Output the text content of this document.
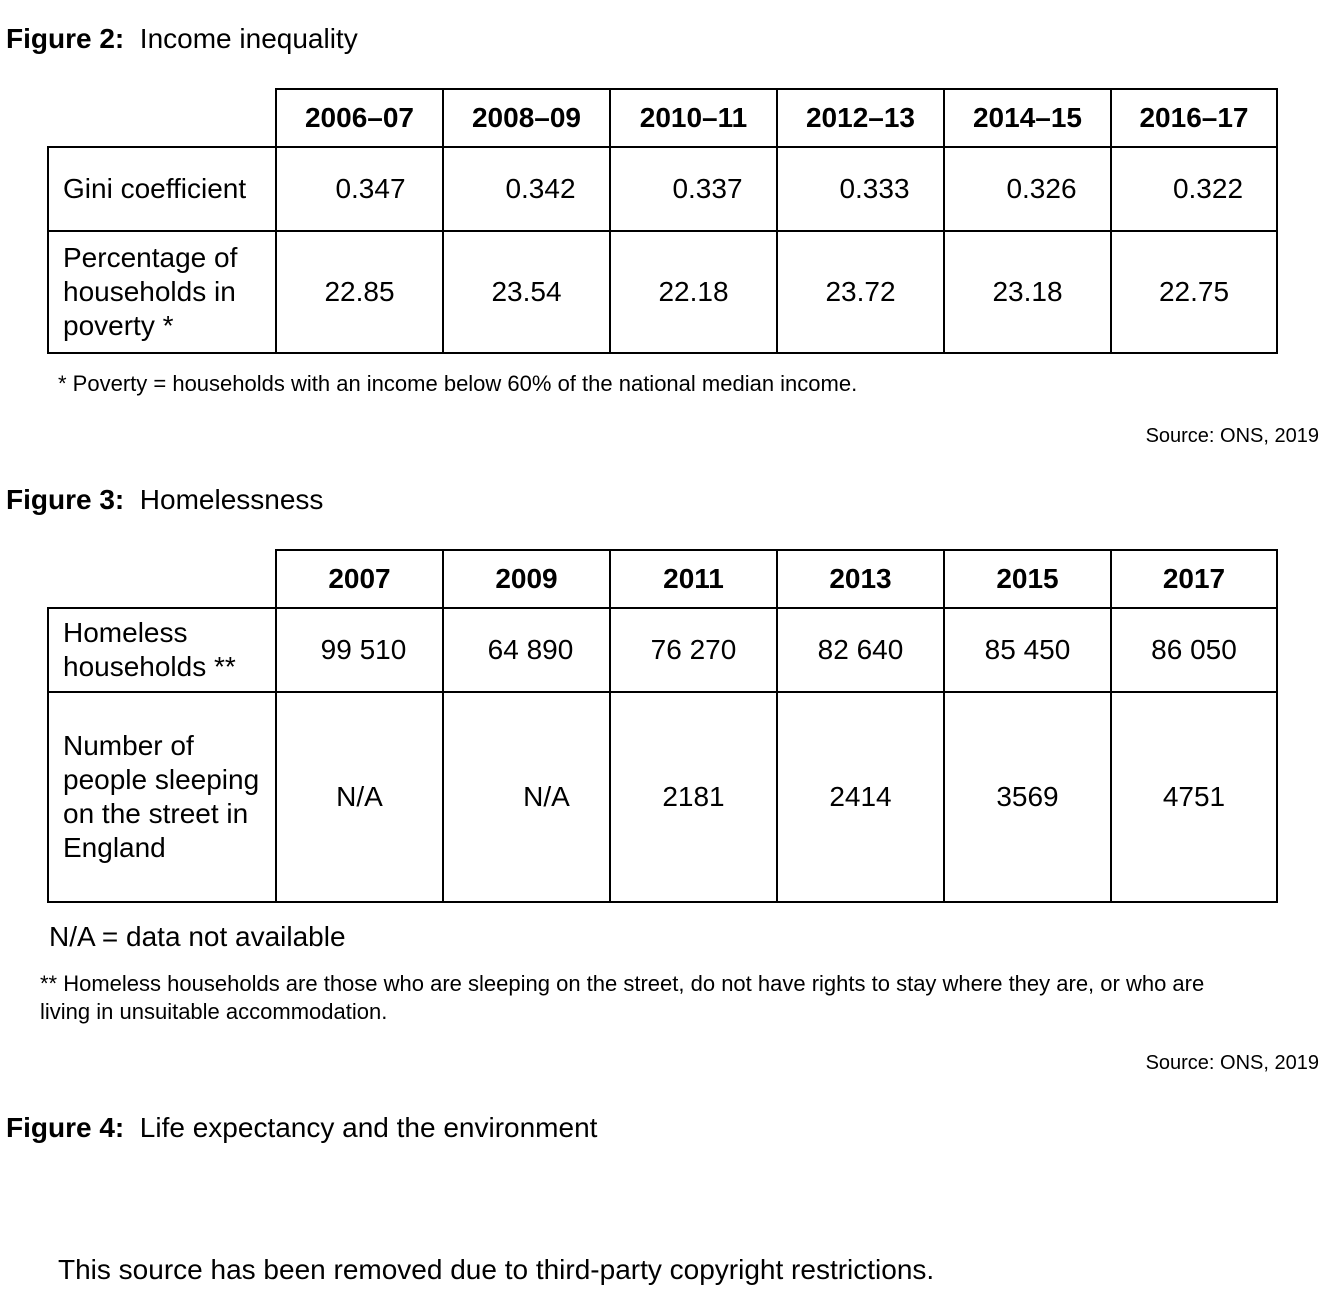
Figure 2: Income inequality
	2006–07	2008–09	2010–11	2012–13	2014–15	2016–17
Gini coefficient	0.347	0.342	0.337	0.333	0.326	0.322
Percentage of households in poverty *	22.85	23.54	22.18	23.72	23.18	22.75
* Poverty = households with an income below 60% of the national median income.
Source: ONS, 2019
Figure 3: Homelessness
	2007	2009	2011	2013	2015	2017
Homeless households **	99 510	64 890	76 270	82 640	85 450	86 050
Number of people sleeping on the street in England	N/A	N/A	2181	2414	3569	4751
N/A = data not available
** Homeless households are those who are sleeping on the street, do not have rights to stay where they are, or who are
living in unsuitable accommodation.
Source: ONS, 2019
Figure 4: Life expectancy and the environment
This source has been removed due to third-party copyright restrictions.
